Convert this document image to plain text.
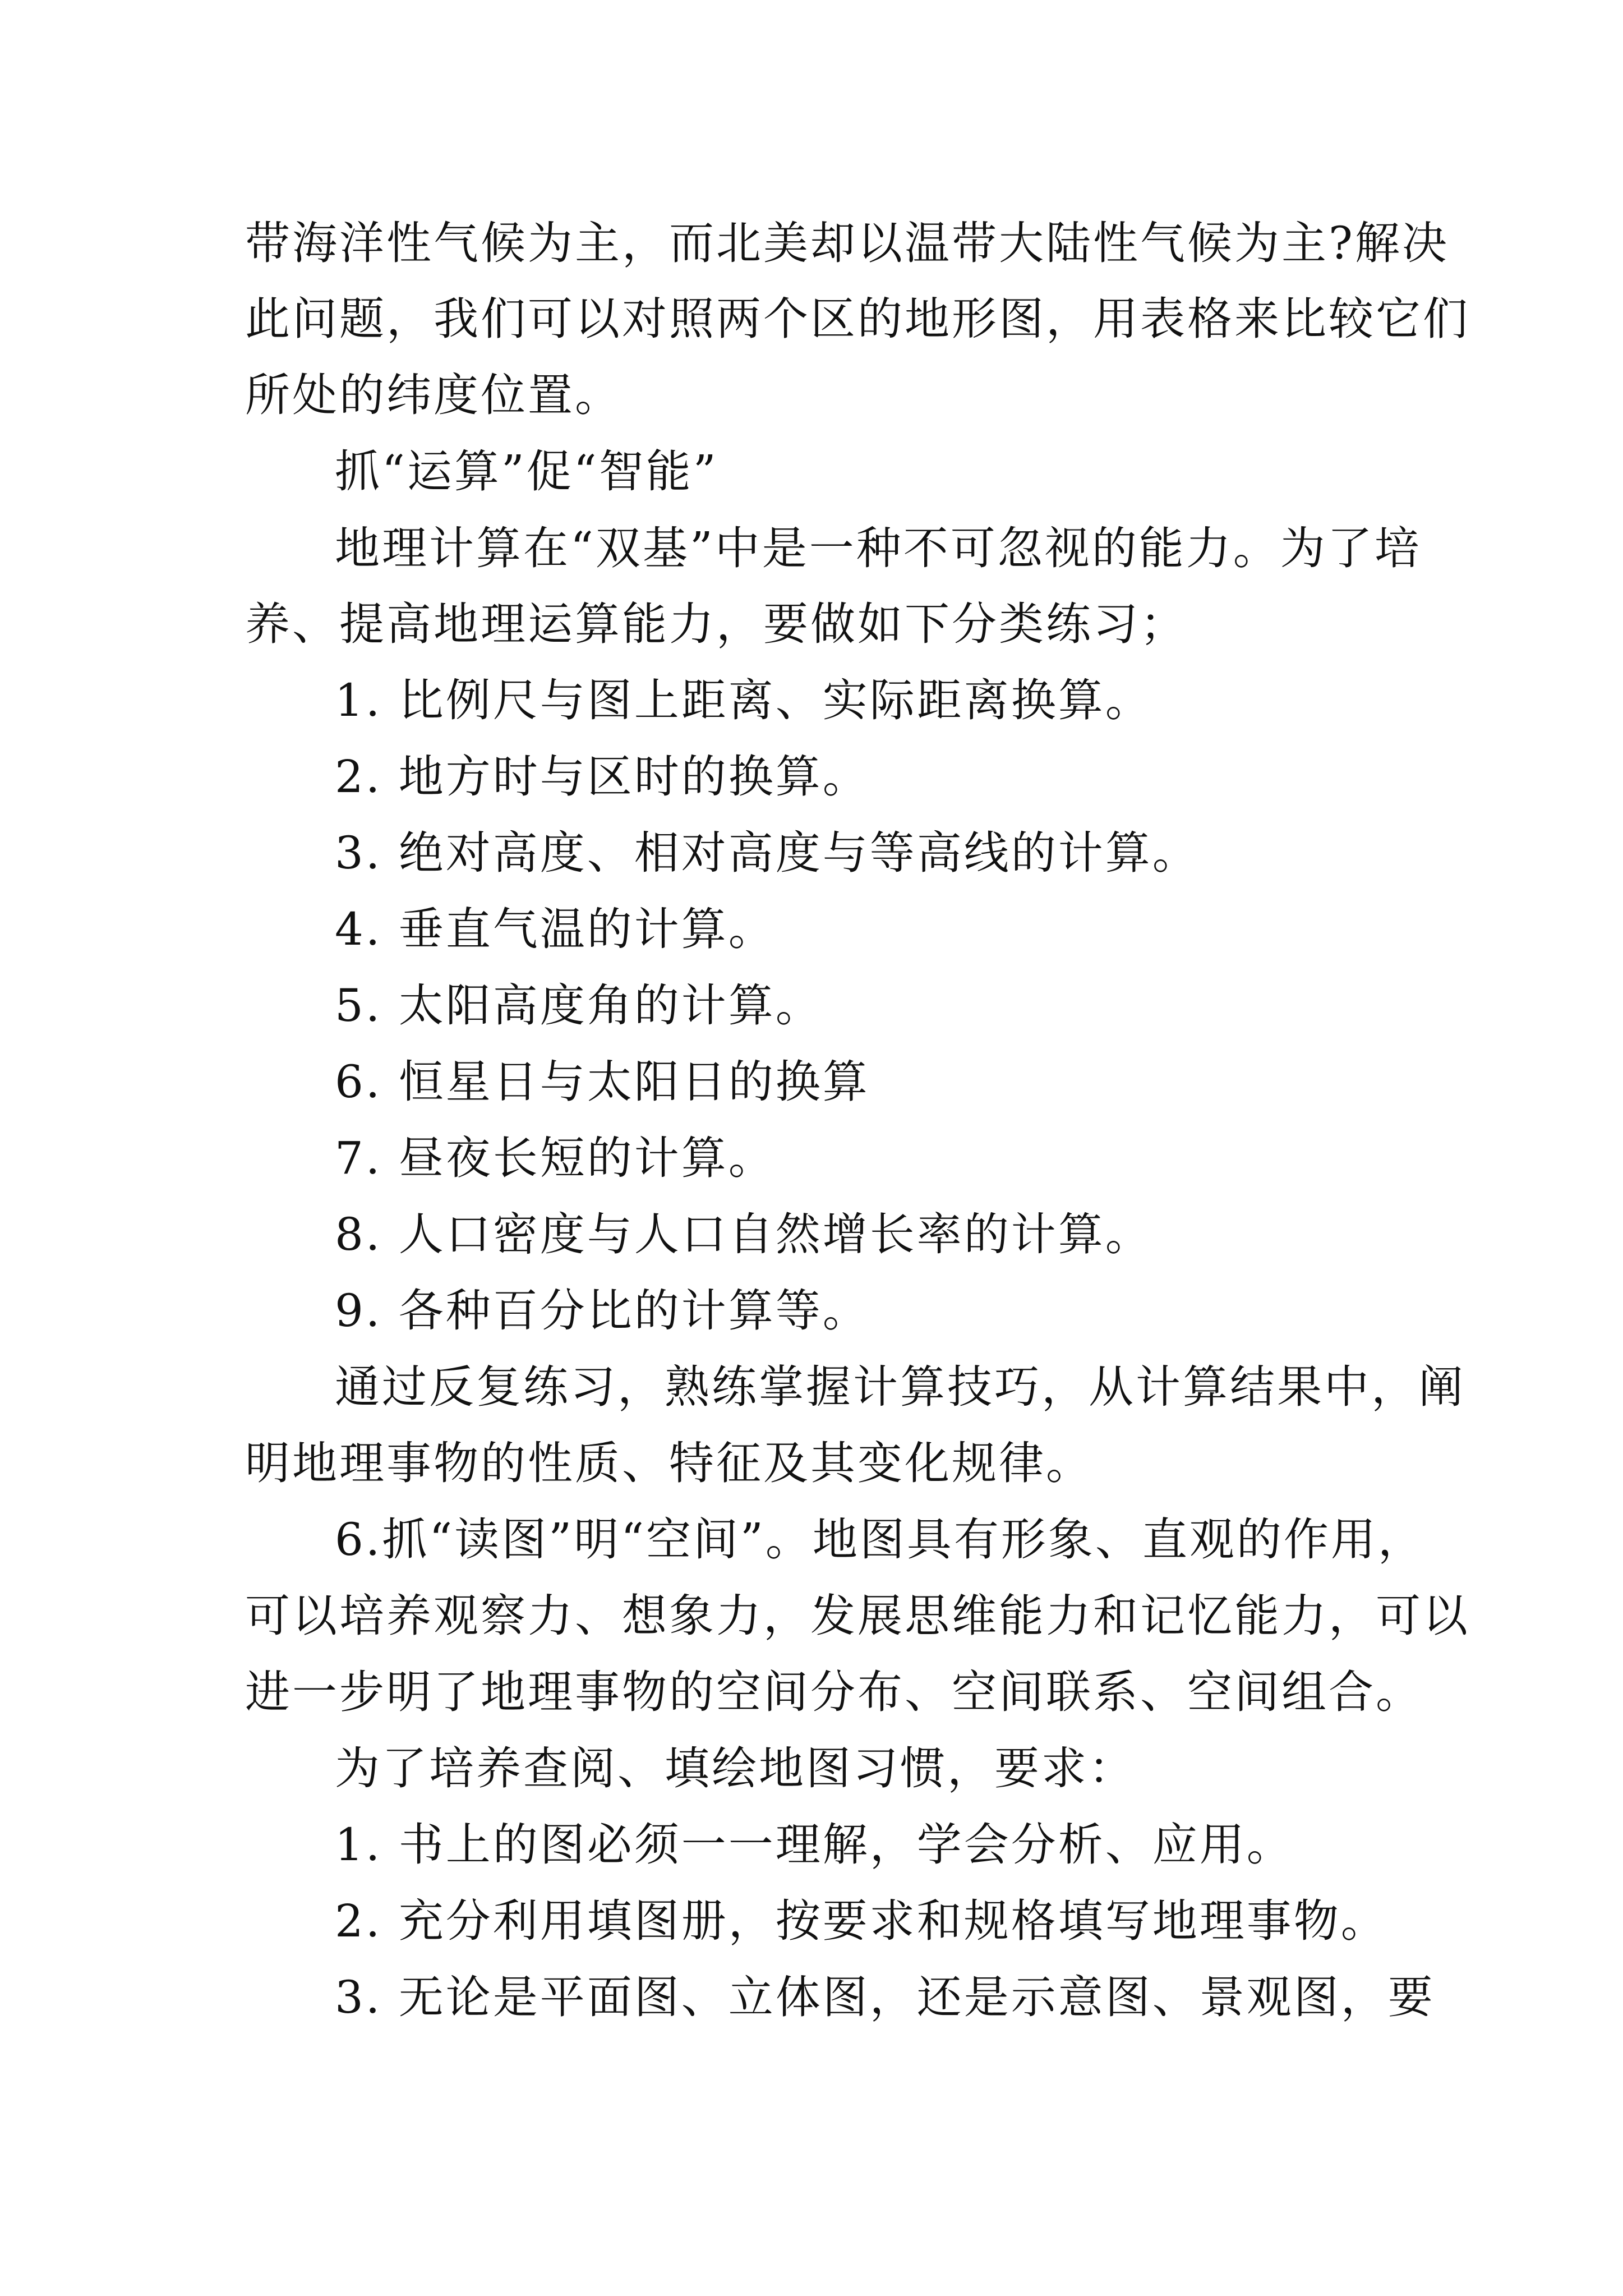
带海洋性气候为主，而北美却以温带大陆性气候为主?解决
此问题，我们可以对照两个区的地形图，用表格来比较它们
所处的纬度位置。
抓“运算”促“智能”
地理计算在“双基”中是一种不可忽视的能力。为了培
养、提高地理运算能力，要做如下分类练习；
1. 比例尺与图上距离、实际距离换算。
2. 地方时与区时的换算。
3. 绝对高度、相对高度与等高线的计算。
4. 垂直气温的计算。
5. 太阳高度角的计算。
6. 恒星日与太阳日的换算
7. 昼夜长短的计算。
8. 人口密度与人口自然增长率的计算。
9. 各种百分比的计算等。
通过反复练习，熟练掌握计算技巧，从计算结果中，阐
明地理事物的性质、特征及其变化规律。
6.抓“读图”明“空间”。地图具有形象、直观的作用，
可以培养观察力、想象力，发展思维能力和记忆能力，可以
进一步明了地理事物的空间分布、空间联系、空间组合。
为了培养查阅、填绘地图习惯，要求：
1. 书上的图必须一一理解，学会分析、应用。
2. 充分利用填图册，按要求和规格填写地理事物。
3. 无论是平面图、立体图，还是示意图、景观图，要
